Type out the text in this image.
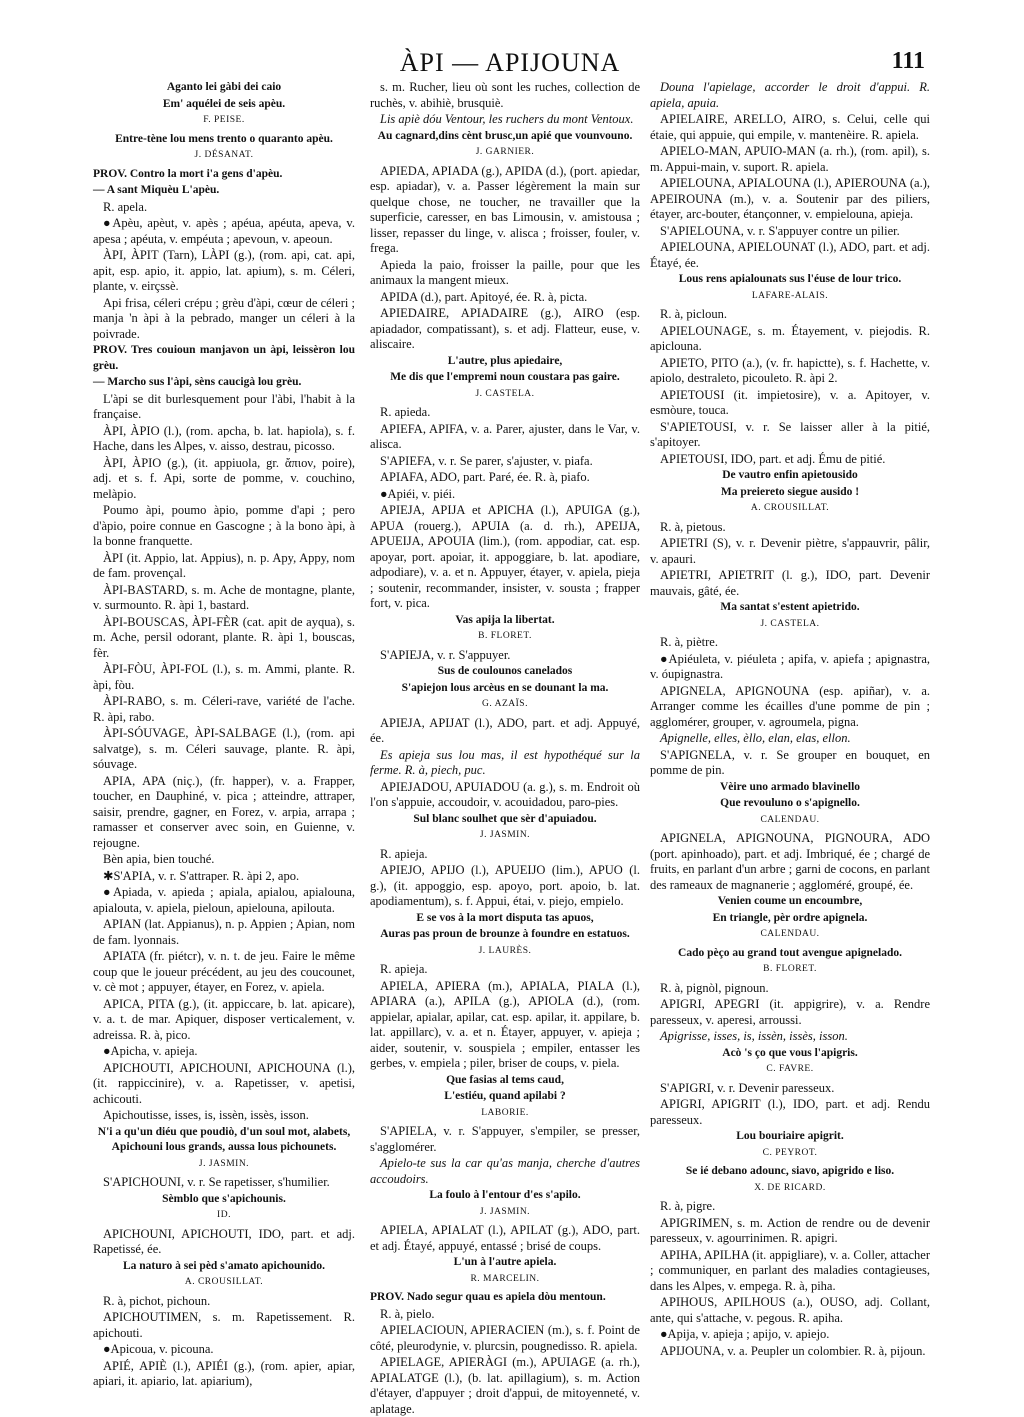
ÀPI — APIJOUNA	111

Aganto lei gàbi dei caio

Em' aquélei de seis apèu.

F. PEISE.

Entre-tène lou mens trento o quaranto apèu.

J. DÉSANAT.

PROV. Contro la mort i'a gens d'apèu.

— A sant Miquèu L'apèu.

R. apela.

●Apèu, apèut, v. apès ; apéua, apéuta, apeva, v. apesa ; apéuta, v. empéuta ; apevoun, v. apeoun.

ÀPI, ÀPIT (Tarn), LÀPI (g.), (rom. api, cat. api, apit, esp. apio, it. appio, lat. apium), s. m. Céleri, plante, v. eirçssè.

Api frisa, céleri crépu ; grèu d'àpi, cœur de céleri ; manja 'n àpi à la pebrado, manger un céleri à la poivrade.

PROV. Tres couioun manjavon un àpi, leissèron lou grèu.

— Marcho sus l'àpi, sèns caucigà lou grèu.

L'àpi se dit burlesquement pour l'àbi, l'habit à la française.

ÀPI, ÀPIO (l.), (rom. apcha, b. lat. hapiola), s. f. Hache, dans les Alpes, v. aisso, destrau, picosso.

ÀPI, ÀPIO (g.), (it. appiuola, gr. ἄπιον, poire), adj. et s. f. Api, sorte de pomme, v. couchino, melàpio.

Poumo àpi, poumo àpio, pomme d'api ; pero d'àpio, poire connue en Gascogne ; à la bono àpi, à la bonne franquette.

ÀPI (it. Appio, lat. Appius), n. p. Apy, Appy, nom de fam. provençal.

ÀPI-BASTARD, s. m. Ache de montagne, plante, v. surmounto. R. àpi 1, bastard.

ÀPI-BOUSCAS, ÀPI-FÈR (cat. apit de ayqua), s. m. Ache, persil odorant, plante. R. àpi 1, bouscas, fèr.

ÀPI-FÒU, ÀPI-FOL (l.), s. m. Ammi, plante. R. àpi, fòu.

ÀPI-RABO, s. m. Céleri-rave, variété de l'ache. R. àpi, rabo.

ÀPI-SÓUVAGE, ÀPI-SALBAGE (l.), (rom. api salvatge), s. m. Céleri sauvage, plante. R. àpi, sóuvage.

APIA, APA (niç.), (fr. happer), v. a. Frapper, toucher, en Dauphiné, v. pica ; atteindre, attraper, saisir, prendre, gagner, en Forez, v. arpia, arrapa ; ramasser et conserver avec soin, en Guienne, v. rejougne.

Bèn apia, bien touché.

✱S'APIA, v. r. S'attraper. R. àpi 2, apo.

●Apiada, v. apieda ; apiala, apialou, apialouna, apialouta, v. apiela, pieloun, apielouna, apilouta.

APIAN (lat. Appianus), n. p. Appien ; Apian, nom de fam. lyonnais.

APIATA (fr. piétcr), v. n. t. de jeu. Faire le même coup que le joueur précédent, au jeu des coucounet, v. cè mot ; appuyer, étayer, en Forez, v. apiela.

APICA, PITA (g.), (it. appiccare, b. lat. apicare), v. a. t. de mar. Apiquer, disposer verticalement, v. adreissa. R. à, pico.

●Apicha, v. apieja.

APICHOUTI, APICHOUNI, APICHOUNA (l.), (it. rappiccinire), v. a. Rapetisser, v. apetisi, achicouti.

Apichoutisse, isses, is, issèn, issès, isson.

N'i a qu'un diéu que poudiò, d'un soul mot, alabets, Apichouni lous grands, aussa lous pichounets.

J. JASMIN.

S'APICHOUNI, v. r. Se rapetisser, s'humilier.

Sèmblo que s'apichounis.

ID.

APICHOUNI, APICHOUTI, IDO, part. et adj. Rapetissé, ée.

La naturo à sei pèd s'amato apichounido.

A. CROUSILLAT.

R. à, pichot, pichoun.

APICHOUTIMEN, s. m. Rapetissement. R. apichouti.

●Apicoua, v. picouna.

APIÉ, APIÈ (l.), APIÉI (g.), (rom. apier, apiar, apiari, it. apiario, lat. apiarium),

s. m. Rucher, lieu où sont les ruches, collection de ruchès, v. abihiè, brusquiè.

Lis apiè dóu Ventour, les ruchers du mont Ventoux.

Au cagnard,dins cènt brusc,un apié que vounvouno.

J. GARNIER.

APIEDA, APIADA (g.), APIDA (d.), (port. apiedar, esp. apiadar), v. a. Passer légèrement la main sur quelque chose, ne toucher, ne travailler que la superficie, caresser, en bas Limousin, v. amistousa ; lisser, repasser du linge, v. alisca ; froisser, fouler, v. frega.

Apieda la paio, froisser la paille, pour que les animaux la mangent mieux.

APIDA (d.), part. Apitoyé, ée. R. à, picta.

APIEDAIRE, APIADAIRE (g.), AIRO (esp. apiadador, compatissant), s. et adj. Flatteur, euse, v. aliscaire.

L'autre, plus apiedaire,

Me dis que l'empremi noun coustara pas gaire.

J. CASTELA.

R. apieda.

APIEFA, APIFA, v. a. Parer, ajuster, dans le Var, v. alisca.

S'APIEFA, v. r. Se parer, s'ajuster, v. piafa.

APIAFA, ADO, part. Paré, ée. R. à, piafo.

●Apiéi, v. piéi.

APIEJA, APIJA et APICHA (l.), APUIGA (g.), APUA (rouerg.), APUIA (a. d. rh.), APEIJA, APUEIJA, APOUIA (lim.), (rom. appodiar, cat. esp. apoyar, port. apoiar, it. appoggiare, b. lat. apodiare, adpodiare), v. a. et n. Appuyer, étayer, v. apiela, pieja ; soutenir, recommander, insister, v. sousta ; frapper fort, v. pica.

Vas apija la libertat.

B. FLORET.

S'APIEJA, v. r. S'appuyer.

Sus de coulounos canelados

S'apiejon lous arcèus en se dounant la ma.

G. AZAÏS.

APIEJA, APIJAT (l.), ADO, part. et adj. Appuyé, ée.

Es apieja sus lou mas, il est hypothéqué sur la ferme. R. à, piech, puc.

APIEJADOU, APUIADOU (a. g.), s. m. Endroit où l'on s'appuie, accoudoir, v. acouidadou, paro-pies.

Sul blanc soulhet que sèr d'apuiadou.

J. JASMIN.

R. apieja.

APIEJO, APIJO (l.), APUEIJO (lim.), APUO (l. g.), (it. appoggio, esp. apoyo, port. apoio, b. lat. apodiamentum), s. f. Appui, étai, v. piejo, empielo.

E se vos à la mort disputa tas apuos,

Auras pas proun de brounze à foundre en estatuos.

J. LAURÈS.

R. apieja.

APIELA, APIERA (m.), APIALA, PIALA (l.), APIARA (a.), APILA (g.), APIOLA (d.), (rom. appielar, apialar, apilar, cat. esp. apilar, it. appilare, b. lat. appillarc), v. a. et n. Étayer, appuyer, v. apieja ; aider, soutenir, v. souspiela ; empiler, entasser les gerbes, v. empiela ; piler, briser de coups, v. piela.

Que fasias al tems caud,

L'estiéu, quand apilabi ?

LABORIE.

S'APIELA, v. r. S'appuyer, s'empiler, se presser, s'agglomérer.

Apielo-te sus la car qu'as manja, cherche d'autres accoudoirs.

La foulo à l'entour d'es s'apilo.

J. JASMIN.

APIELA, APIALAT (l.), APILAT (g.), ADO, part. et adj. Étayé, appuyé, entassé ; brisé de coups.

L'un à l'autre apiela.

R. MARCELIN.

PROV. Nado segur quau es apiela dòu mentoun.

R. à, pielo.

APIELACIOUN, APIERACIEN (m.), s. f. Point de côté, pleurodynie, v. plurcsin, pougnedisso. R. apiela.

APIELAGE, APIERÀGI (m.), APUIAGE (a. rh.), APIALATGE (l.), (b. lat. apillagium), s. m. Action d'étayer, d'appuyer ; droit d'appui, de mitoyenneté, v. aplatage.

Douna l'apielage, accorder le droit d'appui. R. apiela, apuia.

APIELAIRE, ARELLO, AIRO, s. Celui, celle qui étaie, qui appuie, qui empile, v. mantenèire. R. apiela.

APIELO-MAN, APUIO-MAN (a. rh.), (rom. apil), s. m. Appui-main, v. suport. R. apiela.

APIELOUNA, APIALOUNA (l.), APIEROUNA (a.), APEIROUNA (m.), v. a. Soutenir par des piliers, étayer, arc-bouter, étançonner, v. empielouna, apieja.

S'APIELOUNA, v. r. S'appuyer contre un pilier.

APIELOUNA, APIELOUNAT (l.), ADO, part. et adj. Étayé, ée.

Lous rens apialounats sus l'éuse de lour trico.

LAFARE-ALAIS.

R. à, picloun.

APIELOUNAGE, s. m. Étayement, v. piejodis. R. apiclouna.

APIETO, PITO (a.), (v. fr. hapictte), s. f. Hachette, v. apiolo, destraleto, picouleto. R. àpi 2.

APIETOUSI (it. impietosire), v. a. Apitoyer, v. esmòure, touca.

S'APIETOUSI, v. r. Se laisser aller à la pitié, s'apitoyer.

APIETOUSI, IDO, part. et adj. Ému de pitié.

De vautro enfin apietousido

Ma preiereto siegue ausido !

A. CROUSILLAT.

R. à, pietous.

APIETRI (S), v. r. Devenir piètre, s'appauvrir, pâlir, v. apauri.

APIETRI, APIETRIT (l. g.), IDO, part. Devenir mauvais, gâté, ée.

Ma santat s'estent apietrido.

J. CASTELA.

R. à, piètre.

●Apiéuleta, v. piéuleta ; apifa, v. apiefa ; apignastra, v. óupignastra.

APIGNELA, APIGNOUNA (esp. apiñar), v. a. Arranger comme les écailles d'une pomme de pin ; agglomérer, grouper, v. agroumela, pigna.

Apignelle, elles, èllo, elan, elas, ellon.

S'APIGNELA, v. r. Se grouper en bouquet, en pomme de pin.

Vèire uno armado blavinello

Que revouluno o s'apignello.

CALENDAU.

APIGNELA, APIGNOUNA, PIGNOURA, ADO (port. apinhoado), part. et adj. Imbriqué, ée ; chargé de fruits, en parlant d'un arbre ; garni de cocons, en parlant des rameaux de magnanerie ; aggloméré, groupé, ée.

Venien coume un encoumbre,

En triangle, pèr ordre apignela.

CALENDAU.

Cado pèço au grand tout avengue apignelado.

B. FLORET.

R. à, pignòl, pignoun.

APIGRI, APEGRI (it. appigrire), v. a. Rendre paresseux, v. aperesi, arroussi.

Apigrisse, isses, is, issèn, issès, isson.

Acò 's ço que vous l'apigris.

C. FAVRE.

S'APIGRI, v. r. Devenir paresseux.

APIGRI, APIGRIT (l.), IDO, part. et adj. Rendu paresseux.

Lou bouriaire apigrit.

C. PEYROT.

Se ié debano adounc, siavo, apigrido e liso.

X. DE RICARD.

R. à, pigre.

APIGRIMEN, s. m. Action de rendre ou de devenir paresseux, v. agourrinimen. R. apigri.

APIHA, APILHA (it. appigliare), v. a. Coller, attacher ; communiquer, en parlant des maladies contagieuses, dans les Alpes, v. empega. R. à, piha.

APIHOUS, APILHOUS (a.), OUSO, adj. Collant, ante, qui s'attache, v. pegous. R. apiha.

●Apija, v. apieja ; apijo, v. apiejo.

APIJOUNA, v. a. Peupler un colombier. R. à, pijoun.
